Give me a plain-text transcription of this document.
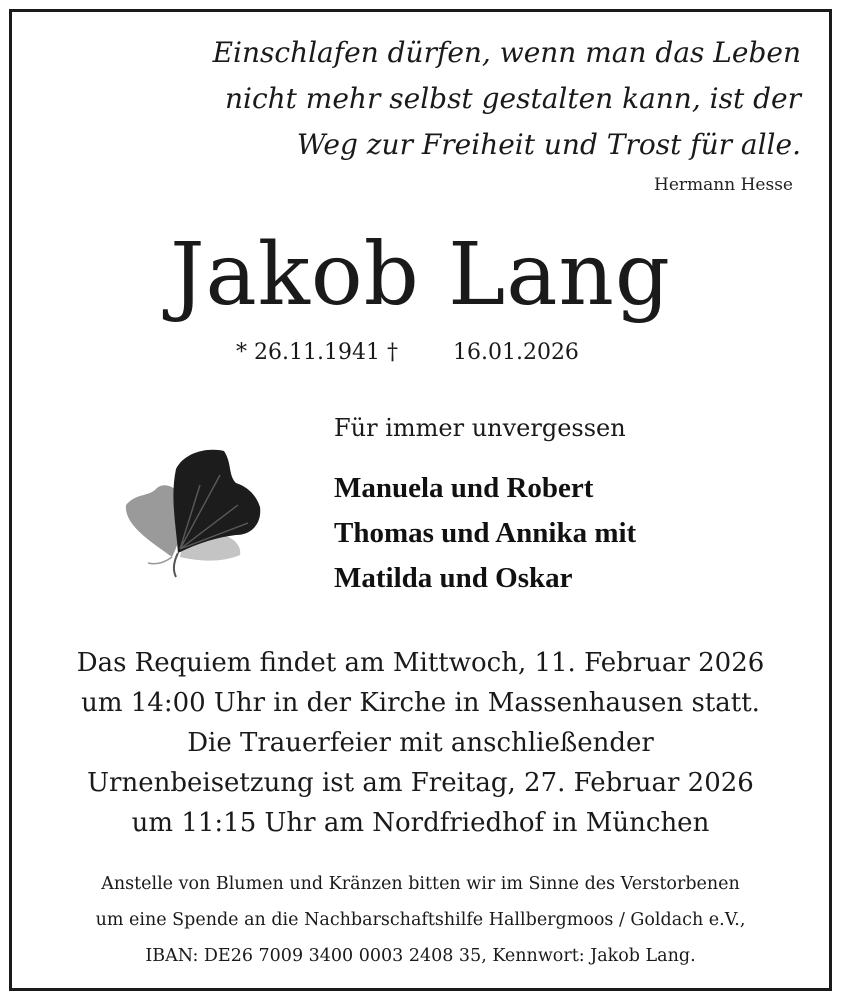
Einschlafen dürfen, wenn man das Leben
nicht mehr selbst gestalten kann, ist der
Weg zur Freiheit und Trost für alle.
Hermann Hesse
Jakob Lang
* 26.11.1941 †	16.01.2026
Für immer unvergessen
Manuela und Robert
Thomas und Annika mit
Matilda und Oskar
Das Requiem findet am Mittwoch, 11. Februar 2026
um 14:00 Uhr in der Kirche in Massenhausen statt.
Die Trauerfeier mit anschließender
Urnenbeisetzung ist am Freitag, 27. Februar 2026
um 11:15 Uhr am Nordfriedhof in München
Anstelle von Blumen und Kränzen bitten wir im Sinne des Verstorbenen
um eine Spende an die Nachbarschaftshilfe Hallbergmoos / Goldach e.V.,
IBAN: DE26 7009 3400 0003 2408 35, Kennwort: Jakob Lang.
